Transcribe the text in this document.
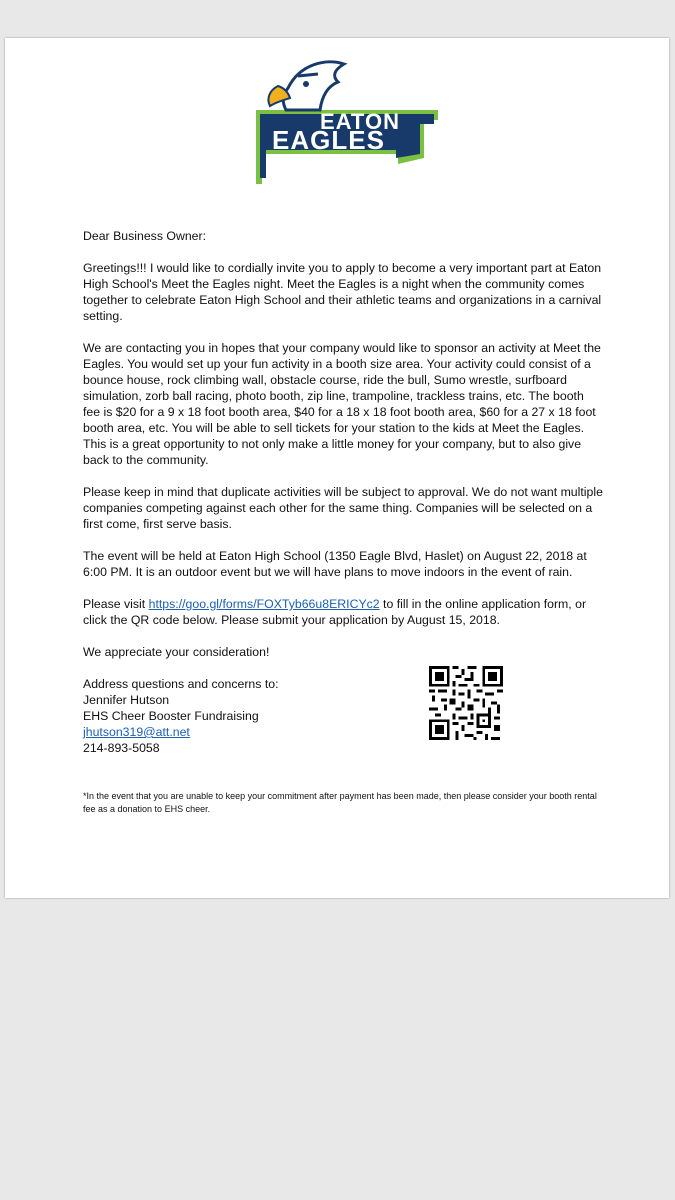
EATON
EAGLES

Dear Business Owner:

Greetings!!! I would like to cordially invite you to apply to become a very important part at Eaton High School's Meet the Eagles night. Meet the Eagles is a night when the community comes together to celebrate Eaton High School and their athletic teams and organizations in a carnival setting.

We are contacting you in hopes that your company would like to sponsor an activity at Meet the Eagles. You would set up your fun activity in a booth size area. Your activity could consist of a bounce house, rock climbing wall, obstacle course, ride the bull, Sumo wrestle, surfboard simulation, zorb ball racing, photo booth, zip line, trampoline, trackless trains, etc. The booth fee is $20 for a 9 x 18 foot booth area, $40 for a 18 x 18 foot booth area, $60 for a 27 x 18 foot booth area, etc. You will be able to sell tickets for your station to the kids at Meet the Eagles. This is a great opportunity to not only make a little money for your company, but to also give back to the community.

Please keep in mind that duplicate activities will be subject to approval. We do not want multiple companies competing against each other for the same thing. Companies will be selected on a first come, first serve basis.

The event will be held at Eaton High School (1350 Eagle Blvd, Haslet) on August 22, 2018 at 6:00 PM. It is an outdoor event but we will have plans to move indoors in the event of rain.

Please visit https://goo.gl/forms/FOXTyb66u8ERICYc2 to fill in the online application form, or click the QR code below. Please submit your application by August 15, 2018.

We appreciate your consideration!

Address questions and concerns to:
Jennifer Hutson
EHS Cheer Booster Fundraising
jhutson319@att.net
214-893-5058
*In the event that you are unable to keep your commitment after payment has been made, then please consider your booth rental fee as a donation to EHS cheer.
